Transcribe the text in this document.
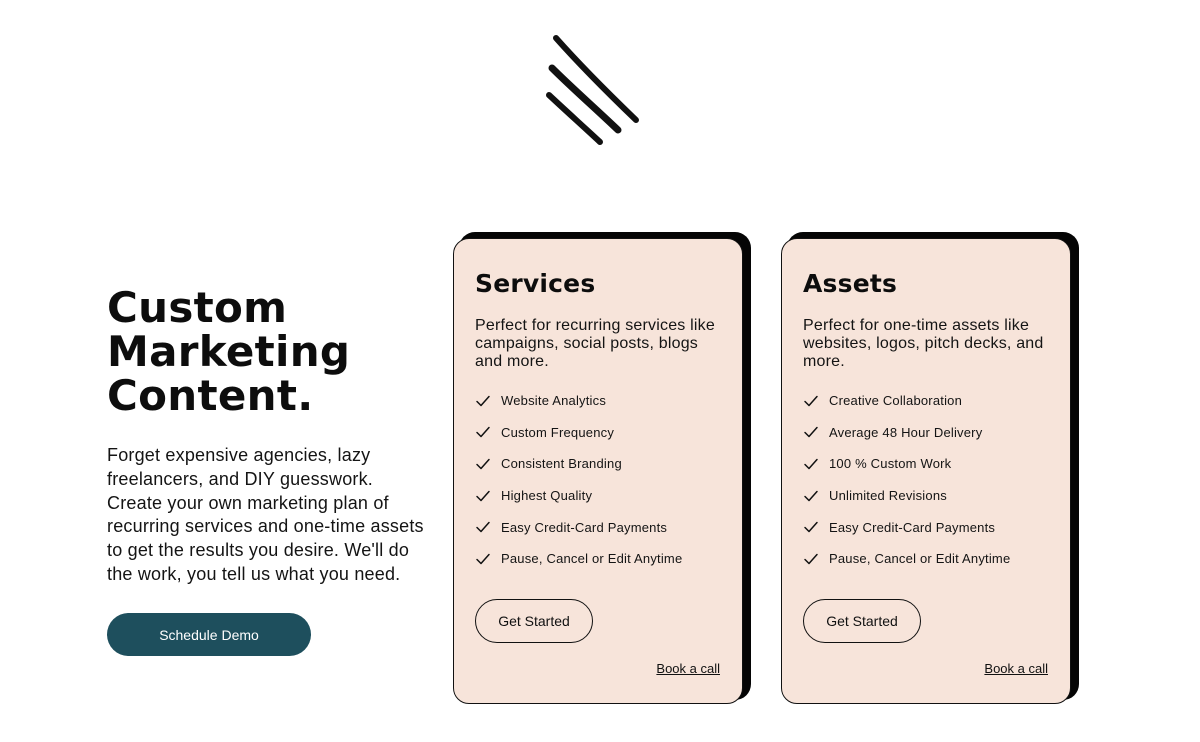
Custom
Marketing
Content.

Forget expensive agencies, lazy freelancers, and DIY guesswork. Create your own marketing plan of recurring services and one-time assets to get the results you desire. We'll do the work, you tell us what you need.

Schedule Demo
Services

Perfect for recurring services like campaigns, social posts, blogs and more.

Website Analytics
Custom Frequency
Consistent Branding
Highest Quality
Easy Credit-Card Payments
Pause, Cancel or Edit Anytime
Get Started
Book a call
Assets

Perfect for one-time assets like websites, logos, pitch decks, and more.

Creative Collaboration
Average 48 Hour Delivery
100 % Custom Work
Unlimited Revisions
Easy Credit-Card Payments
Pause, Cancel or Edit Anytime
Get Started
Book a call
